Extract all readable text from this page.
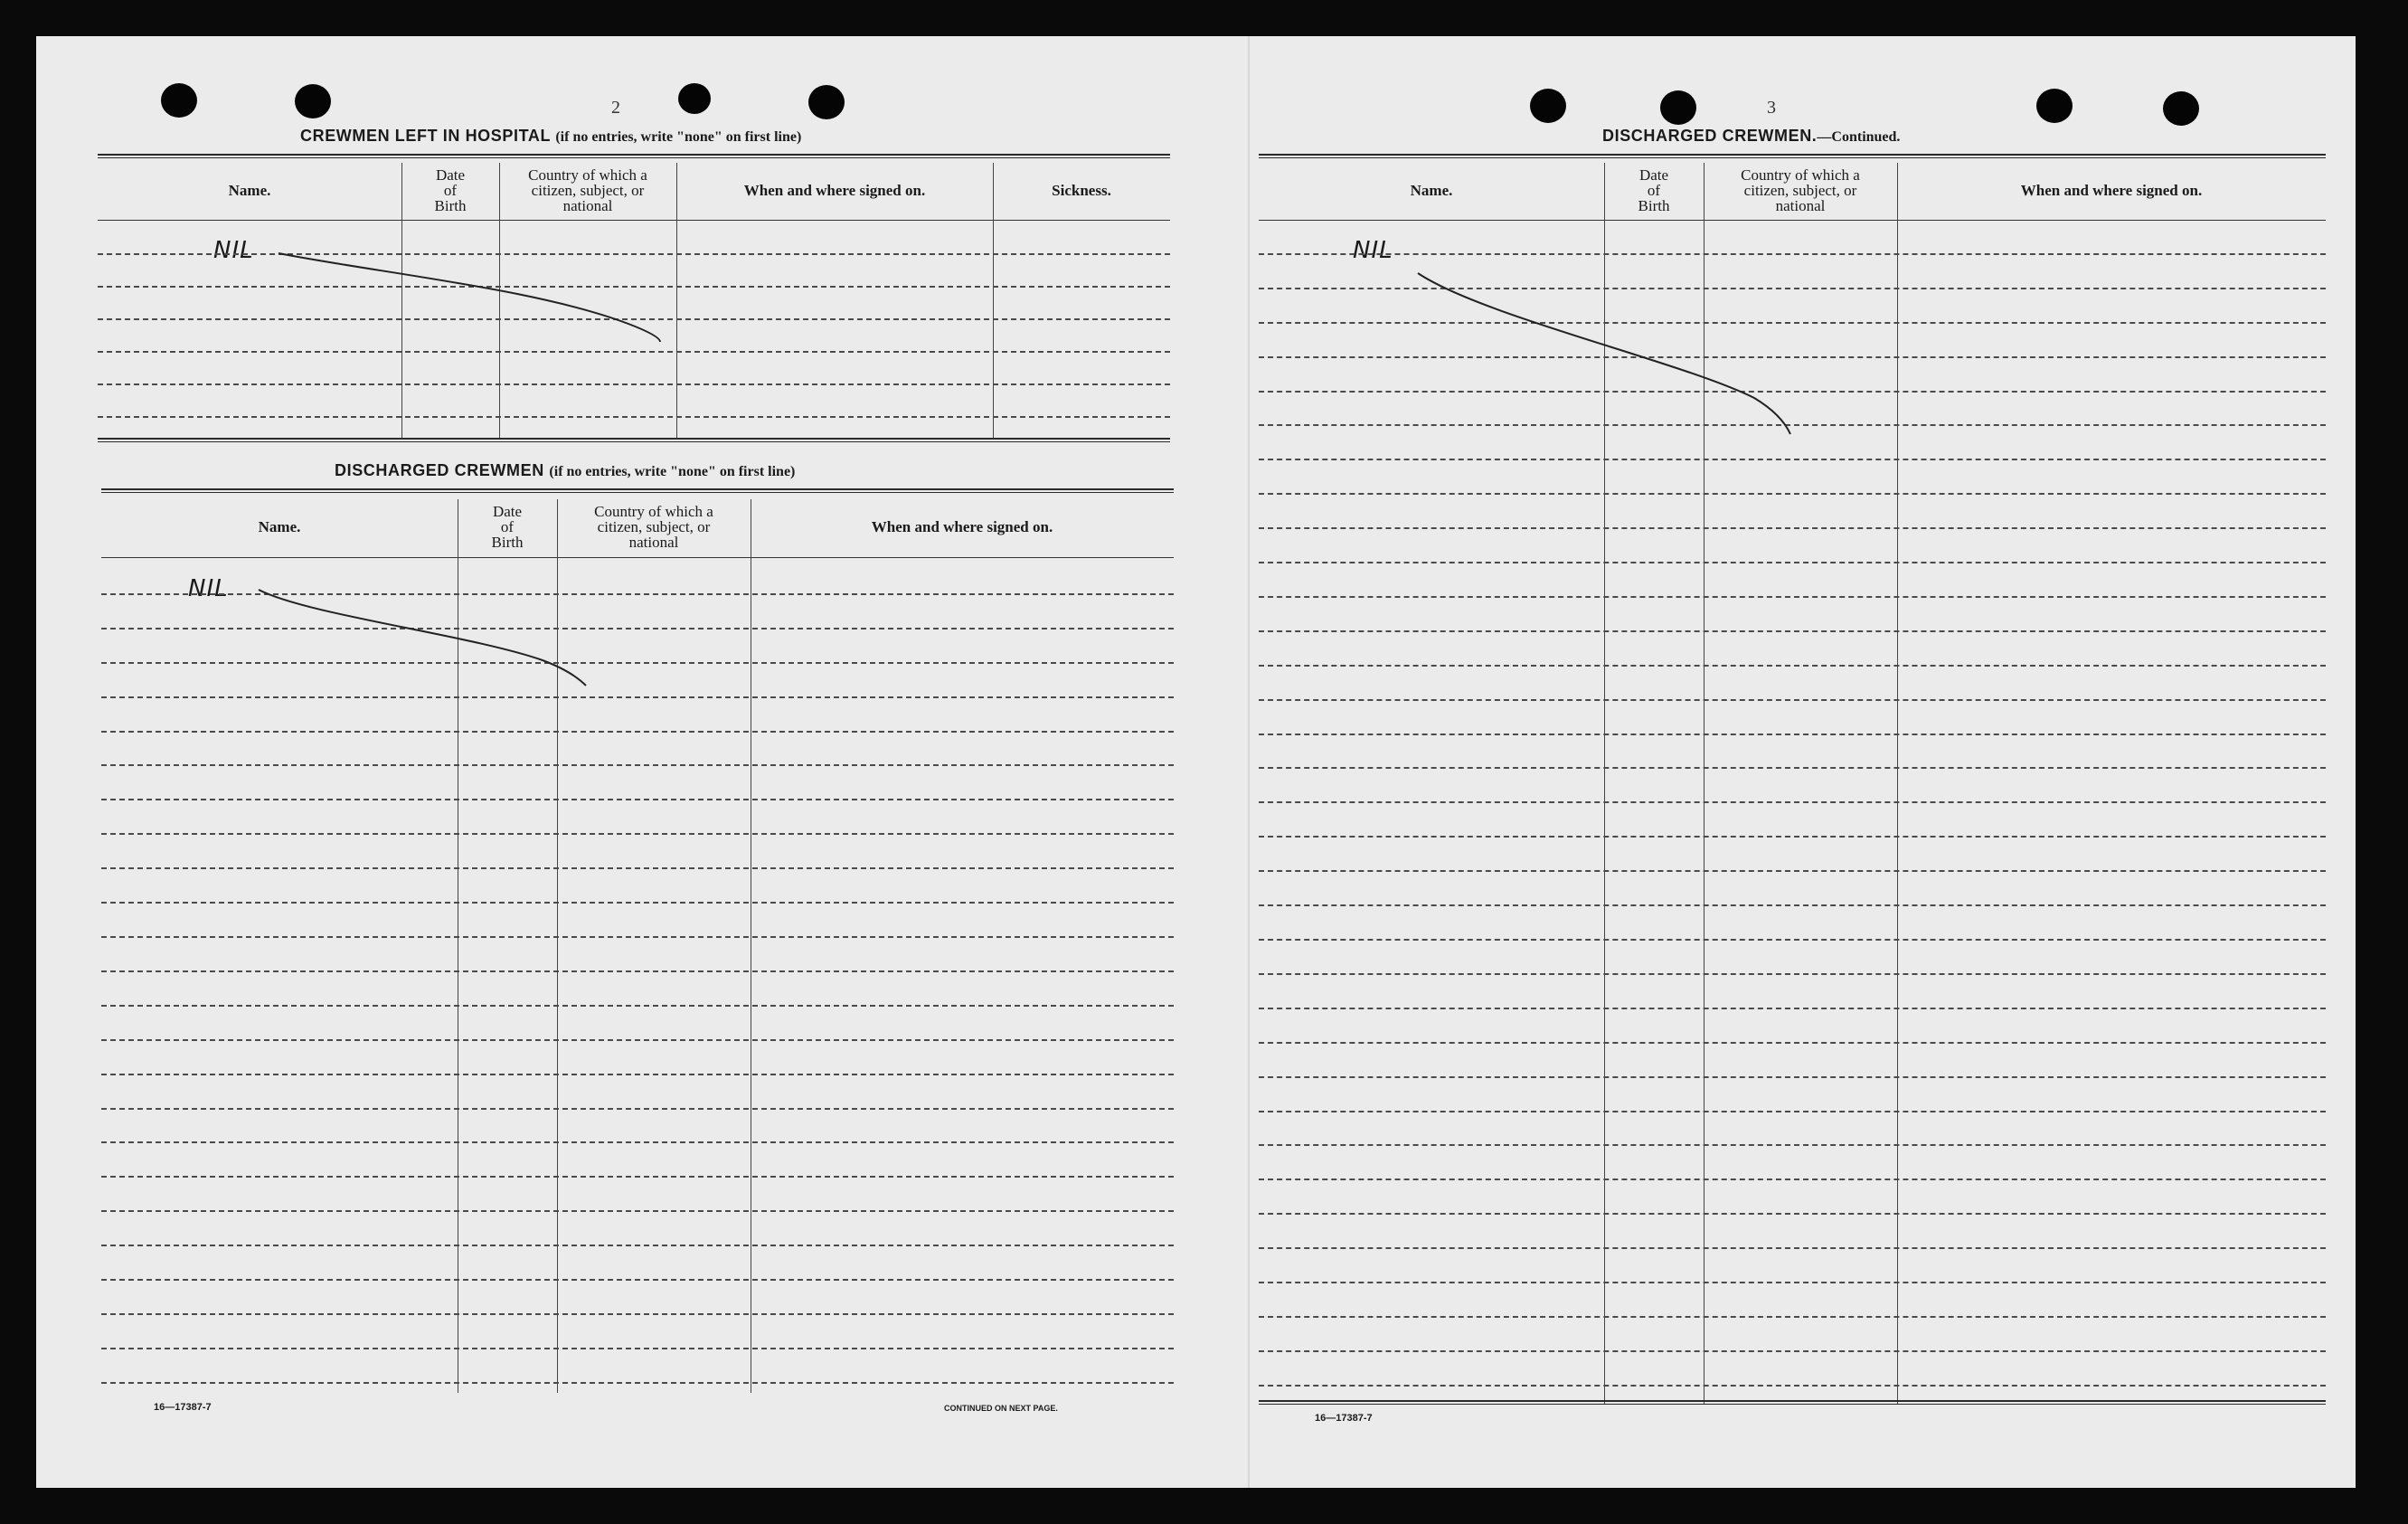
2
CREWMEN LEFT IN HOSPITAL (if no entries, write "none" on first line)
Name.
Date
of
Birth
Country of which a
citizen, subject, or
national
When and where signed on.	Sickness.
NIL
DISCHARGED CREWMEN (if no entries, write "none" on first line)
Name.
Date
of
Birth
Country of which a
citizen, subject, or
national
When and where signed on.
NIL
16—17387-7	CONTINUED ON NEXT PAGE.
3
DISCHARGED CREWMEN.—Continued.
Name.
Date
of
Birth
Country of which a
citizen, subject, or
national
When and where signed on.
NIL
16—17387-7
